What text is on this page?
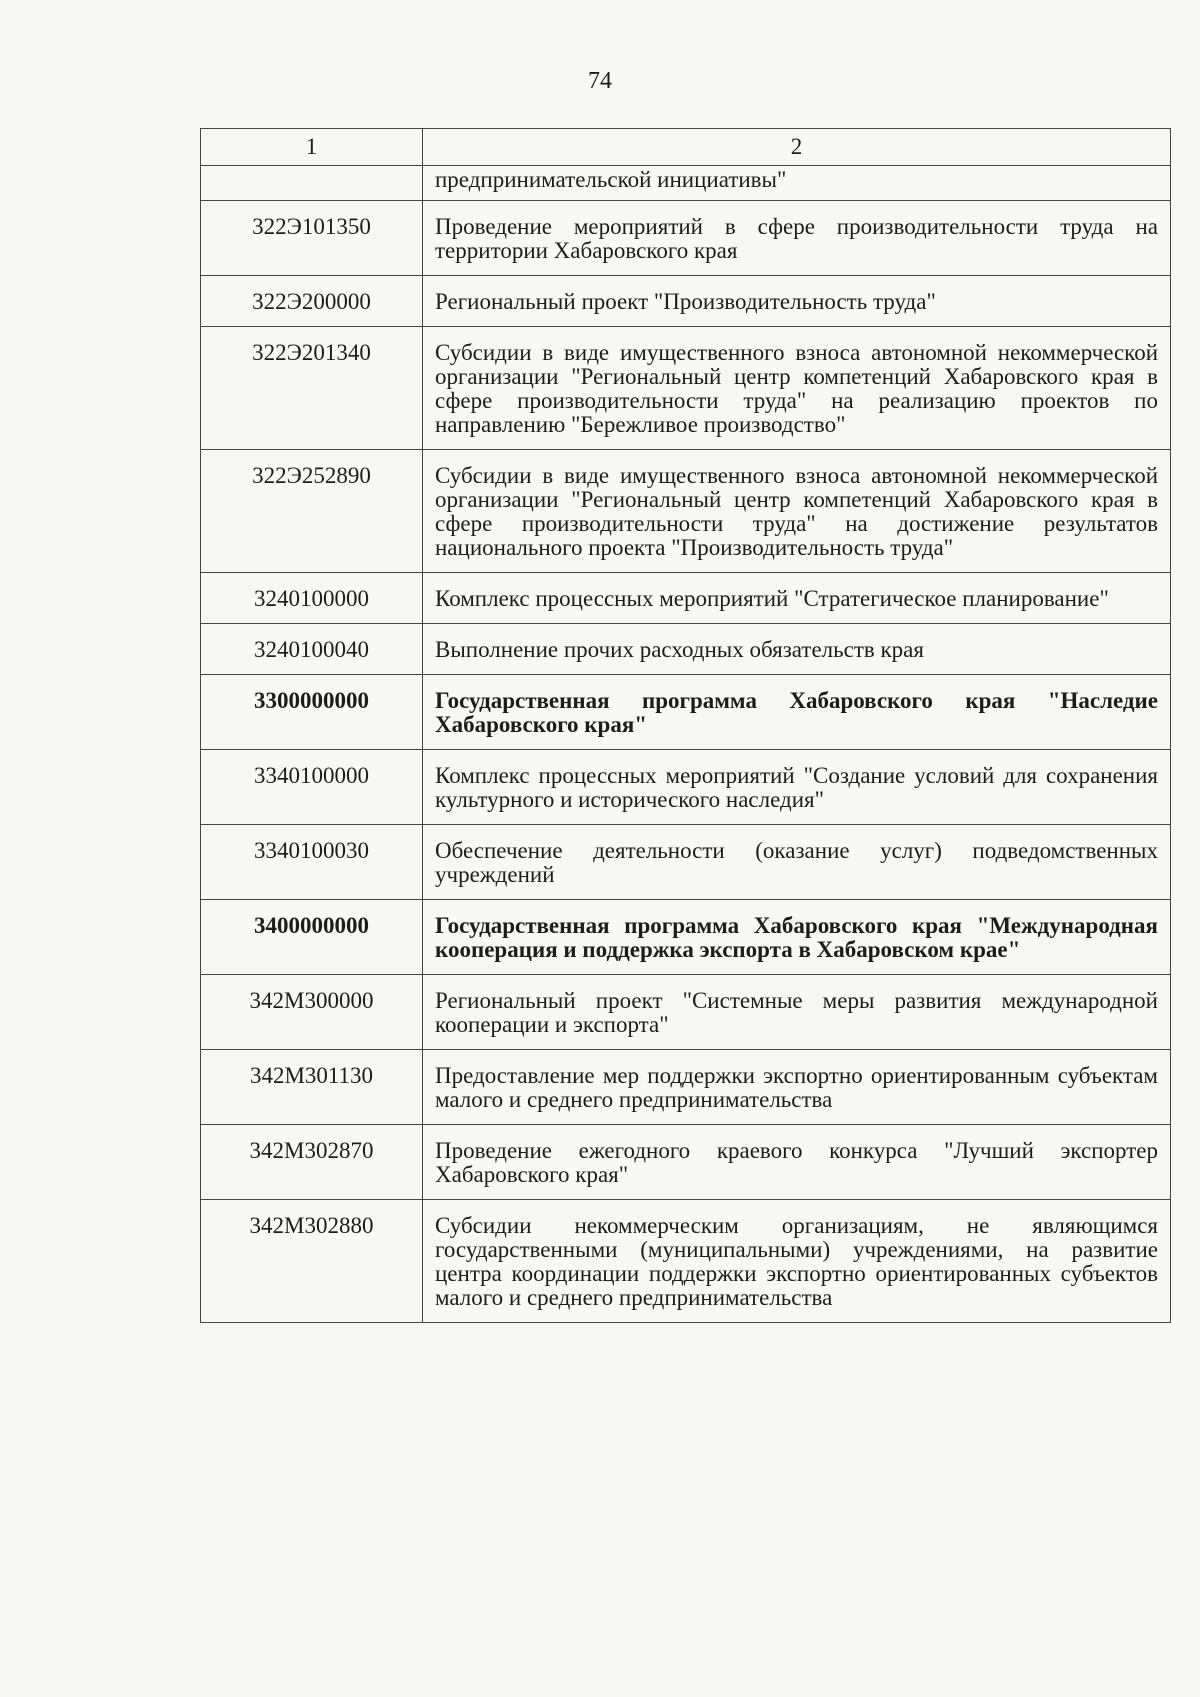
74
1	2
	предпринимательской инициативы"
322Э101350	Проведение мероприятий в сфере производительности труда на территории Хабаровского края
322Э200000	Региональный проект "Производительность труда"
322Э201340	Субсидии в виде имущественного взноса автономной некоммерческой организации "Региональный центр компетенций Хабаровского края в сфере производительности труда" на реализацию проектов по направлению "Бережливое производство"
322Э252890	Субсидии в виде имущественного взноса автономной некоммерческой организации "Региональный центр компетенций Хабаровского края в сфере производительности труда" на достижение результатов национального проекта "Производительность труда"
3240100000	Комплекс процессных мероприятий "Стратегическое планирование"
3240100040	Выполнение прочих расходных обязательств края
3300000000	Государственная программа Хабаровского края "Наследие Хабаровского края"
3340100000	Комплекс процессных мероприятий "Создание условий для сохранения культурного и исторического наследия"
3340100030	Обеспечение деятельности (оказание услуг) подведомственных учреждений
3400000000	Государственная программа Хабаровского края "Международная кооперация и поддержка экспорта в Хабаровском крае"
342M300000	Региональный проект "Системные меры развития международной кооперации и экспорта"
342M301130	Предоставление мер поддержки экспортно ориентированным субъектам малого и среднего предпринимательства
342M302870	Проведение ежегодного краевого конкурса "Лучший экспортер Хабаровского края"
342M302880	Субсидии некоммерческим организациям, не являющимся государственными (муниципальными) учреждениями, на развитие центра координации поддержки экспортно ориентированных субъектов малого и среднего предпринимательства
